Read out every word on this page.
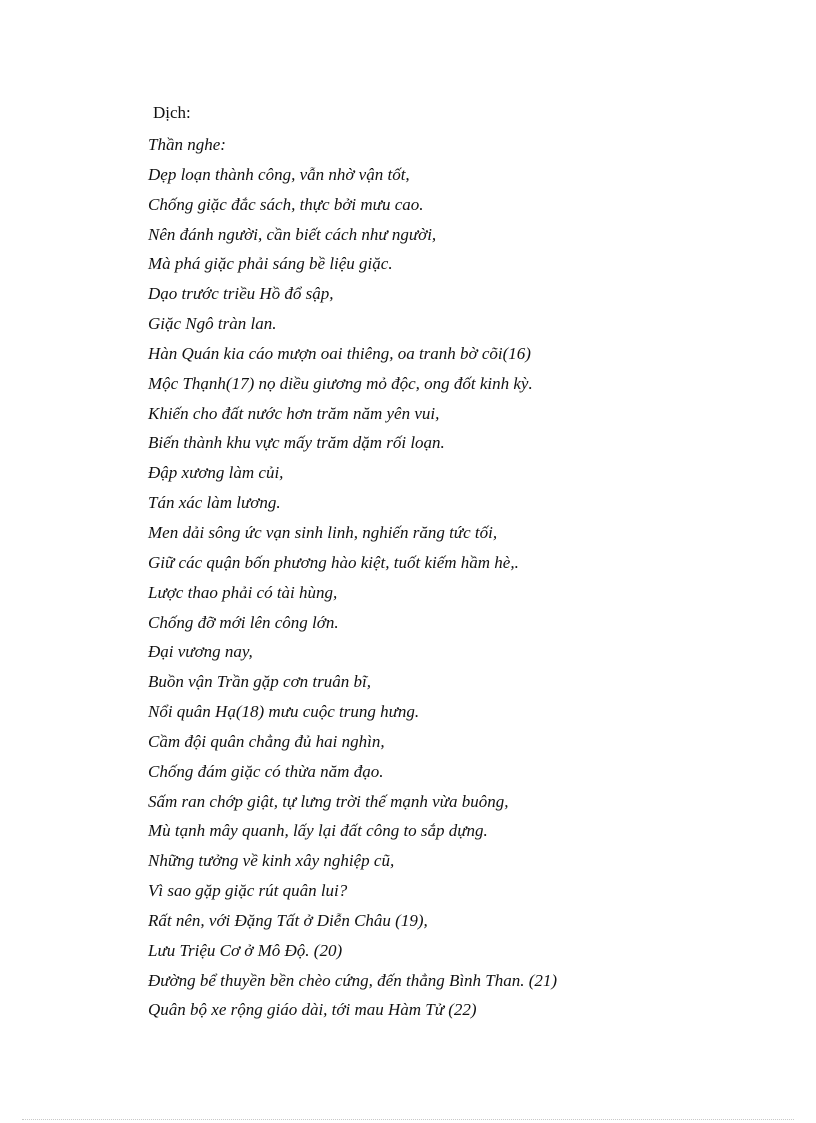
Dịch:
Thần nghe:
Dẹp loạn thành công, vẫn nhờ vận tốt,
Chống giặc đắc sách, thực bởi mưu cao.
Nên đánh người, cần biết cách như người,
Mà phá giặc phải sáng bề liệu giặc.
Dạo trước triều Hồ đổ sập,
Giặc Ngô tràn lan.
Hàn Quán kia cáo mượn oai thiêng, oa tranh bờ cõi(16)
Mộc Thạnh(17) nọ diều giương mỏ độc, ong đốt kinh kỳ.
Khiến cho đất nước hơn trăm năm yên vui,
Biến thành khu vực mấy trăm dặm rối loạn.
Đập xương làm củi,
Tán xác làm lương.
Men dải sông ức vạn sinh linh, nghiến răng tức tối,
Giữ các quận bốn phương hào kiệt, tuốt kiếm hầm hè,.
Lược thao phải có tài hùng,
Chống đỡ mới lên công lớn.
Đại vương nay,
Buồn vận Trần gặp cơn truân bĩ,
Nổi quân Hạ(18) mưu cuộc trung hưng.
Cầm đội quân chẳng đủ hai nghìn,
Chống đám giặc có thừa năm đạo.
Sấm ran chớp giật, tự lưng trời thế mạnh vừa buông,
Mù tạnh mây quanh, lấy lại đất công to sắp dựng.
Những tưởng về kinh xây nghiệp cũ,
Vì sao gặp giặc rút quân lui?
Rất nên, với Đặng Tất ở Diễn Châu (19),
Lưu Triệu Cơ ở Mô Độ. (20)
Đường bể thuyền bền chèo cứng, đến thẳng Bình Than. (21)
Quân bộ xe rộng giáo dài, tới mau Hàm Tử (22)
